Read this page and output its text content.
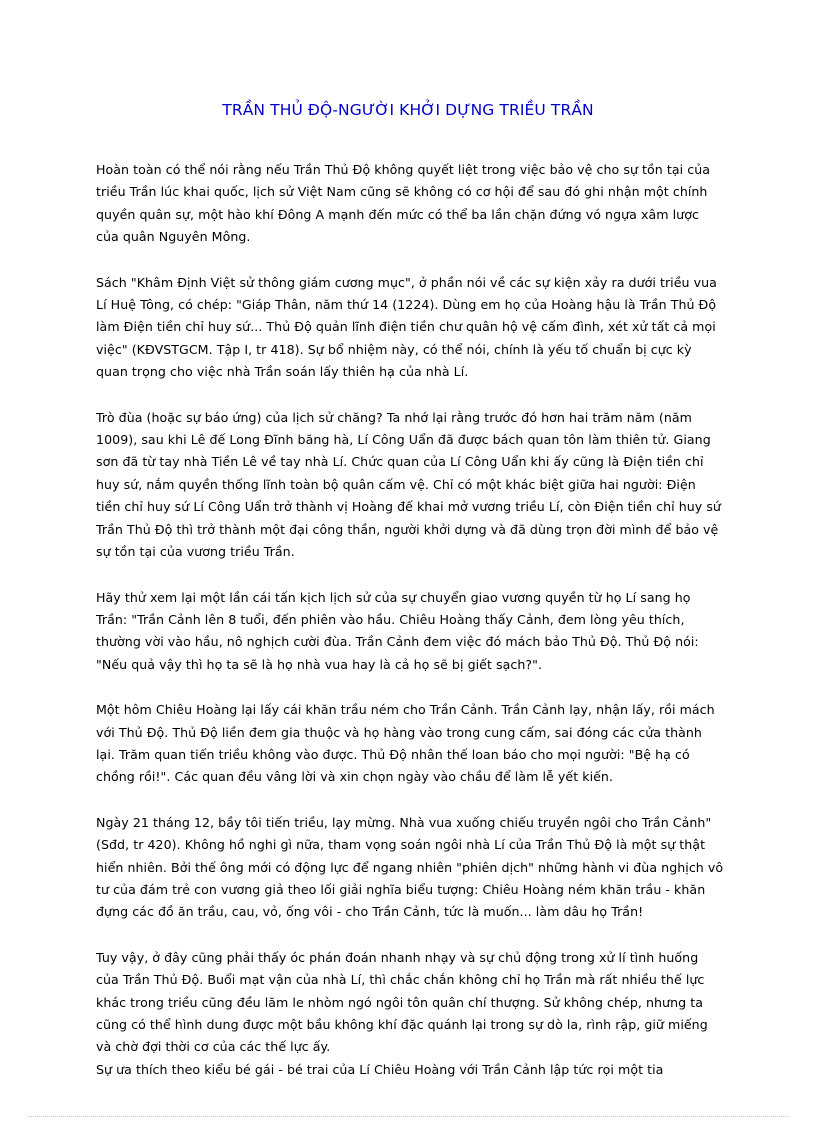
TRẦN THỦ ĐỘ-NGƯỜI KHỞI DỰNG TRIỀU TRẦN

Hoàn toàn có thể nói rằng nếu Trần Thủ Độ không quyết liệt trong việc bảo vệ cho sự tồn tại của triều Trần lúc khai quốc, lịch sử Việt Nam cũng sẽ không có cơ hội để sau đó ghi nhận một chính quyền quân sự, một hào khí Đông A mạnh đến mức có thể ba lần chặn đứng vó ngựa xâm lược của quân Nguyên Mông.

Sách "Khâm Định Việt sử thông giám cương mục", ở phần nói về các sự kiện xảy ra dưới triều vua Lí Huệ Tông, có chép: "Giáp Thân, năm thứ 14 (1224). Dùng em họ của Hoàng hậu là Trần Thủ Độ làm Điện tiền chỉ huy sứ... Thủ Độ quản lĩnh điện tiền chư quân hộ vệ cấm đình, xét xử tất cả mọi việc" (KĐVSTGCM. Tập I, tr 418). Sự bổ nhiệm này, có thể nói, chính là yếu tố chuẩn bị cực kỳ quan trọng cho việc nhà Trần soán lấy thiên hạ của nhà Lí.

Trò đùa (hoặc sự báo ứng) của lịch sử chăng? Ta nhớ lại rằng trước đó hơn hai trăm năm (năm 1009), sau khi Lê đế Long Đĩnh băng hà, Lí Công Uẩn đã được bách quan tôn làm thiên tử. Giang sơn đã từ tay nhà Tiền Lê về tay nhà Lí. Chức quan của Lí Công Uẩn khi ấy cũng là Điện tiền chỉ huy sứ, nắm quyền thống lĩnh toàn bộ quân cấm vệ. Chỉ có một khác biệt giữa hai người: Điện tiền chỉ huy sứ Lí Công Uẩn trở thành vị Hoàng đế khai mở vương triều Lí, còn Điện tiền chỉ huy sứ Trần Thủ Độ thì trở thành một đại công thần, người khởi dựng và đã dùng trọn đời mình để bảo vệ sự tồn tại của vương triều Trần.

Hãy thử xem lại một lần cái tấn kịch lịch sử của sự chuyển giao vương quyền từ họ Lí sang họ Trần: "Trần Cảnh lên 8 tuổi, đến phiên vào hầu. Chiêu Hoàng thấy Cảnh, đem lòng yêu thích, thường vời vào hầu, nô nghịch cười đùa. Trần Cảnh đem việc đó mách bảo Thủ Độ. Thủ Độ nói: "Nếu quả vậy thì họ ta sẽ là họ nhà vua hay là cả họ sẽ bị giết sạch?".

Một hôm Chiêu Hoàng lại lấy cái khăn trầu ném cho Trần Cảnh. Trần Cảnh lạy, nhận lấy, rồi mách với Thủ Độ. Thủ Độ liền đem gia thuộc và họ hàng vào trong cung cấm, sai đóng các cửa thành lại. Trăm quan tiến triều không vào được. Thủ Độ nhân thế loan báo cho mọi người: "Bệ hạ có chồng rồi!". Các quan đều vâng lời và xin chọn ngày vào chầu để làm lễ yết kiến.

Ngày 21 tháng 12, bầy tôi tiến triều, lạy mừng. Nhà vua xuống chiếu truyền ngôi cho Trần Cảnh" (Sđd, tr 420). Không hồ nghi gì nữa, tham vọng soán ngôi nhà Lí của Trần Thủ Độ là một sự thật hiển nhiên. Bởi thế ông mới có động lực để ngang nhiên "phiên dịch" những hành vi đùa nghịch vô tư của đám trẻ con vương giả theo lối giải nghĩa biểu tượng: Chiêu Hoàng ném khăn trầu - khăn đựng các đồ ăn trầu, cau, vỏ, ống vôi - cho Trần Cảnh, tức là muốn... làm dâu họ Trần!

Tuy vậy, ở đây cũng phải thấy óc phán đoán nhanh nhạy và sự chủ động trong xử lí tình huống của Trần Thủ Độ. Buổi mạt vận của nhà Lí, thì chắc chắn không chỉ họ Trần mà rất nhiều thế lực khác trong triều cũng đều lăm le nhòm ngó ngôi tôn quân chí thượng. Sử không chép, nhưng ta cũng có thể hình dung được một bầu không khí đặc quánh lại trong sự dò la, rình rập, giữ miếng và chờ đợi thời cơ của các thế lực ấy.

Sự ưa thích theo kiểu bé gái - bé trai của Lí Chiêu Hoàng với Trần Cảnh lập tức rọi một tia
